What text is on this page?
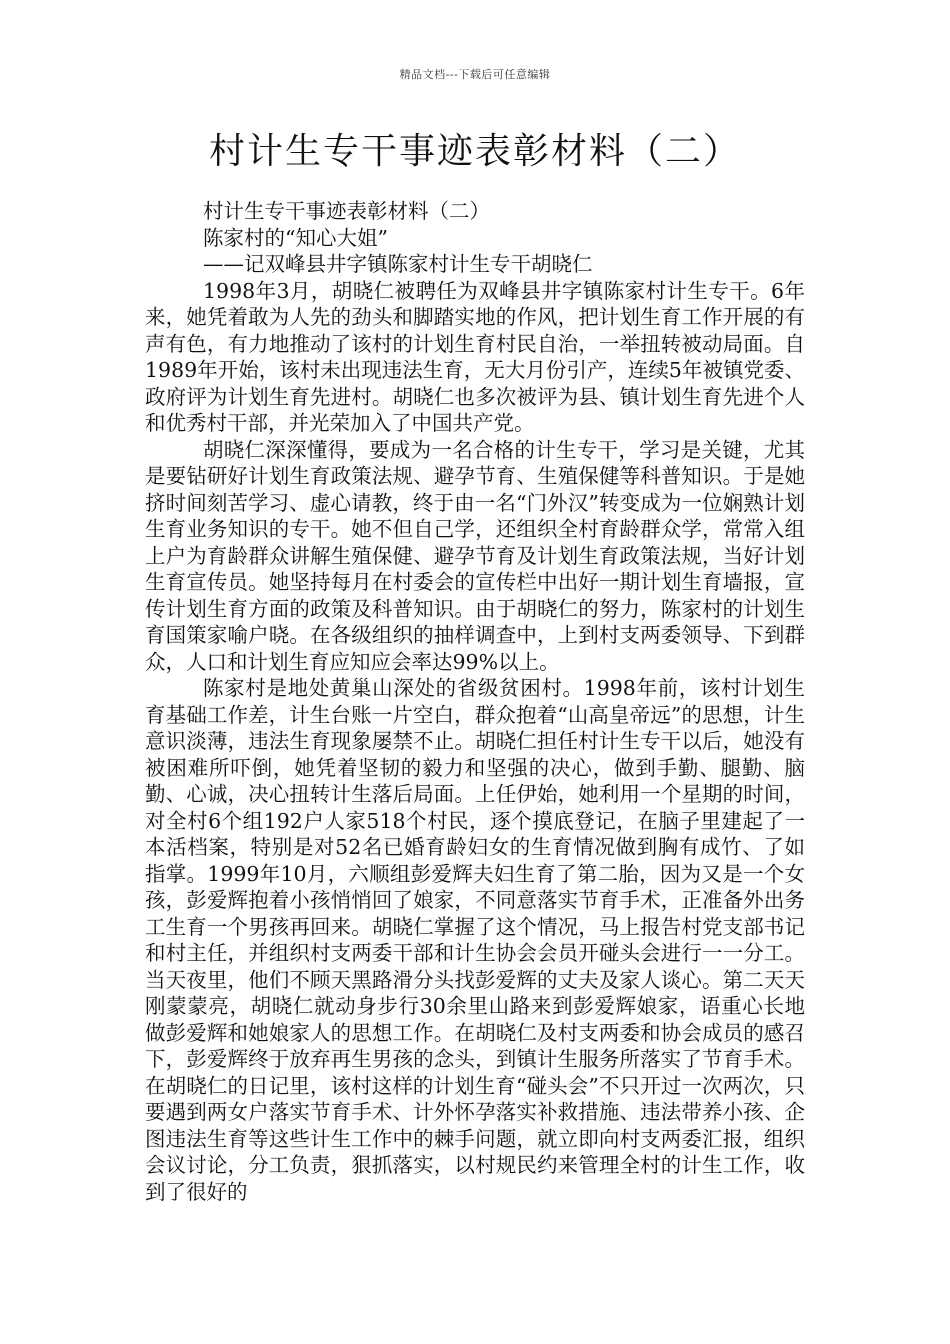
精品文档---下载后可任意编辑
村计生专干事迹表彰材料（二）

村计生专干事迹表彰材料（二）

陈家村的“知心大姐”

——记双峰县井字镇陈家村计生专干胡晓仁

1998年3月，胡晓仁被聘任为双峰县井字镇陈家村计生专干。6年来，她凭着敢为人先的劲头和脚踏实地的作风，把计划生育工作开展的有声有色，有力地推动了该村的计划生育村民自治，一举扭转被动局面。自1989年开始，该村未出现违法生育，无大月份引产，连续5年被镇党委、政府评为计划生育先进村。胡晓仁也多次被评为县、镇计划生育先进个人和优秀村干部，并光荣加入了中国共产党。

胡晓仁深深懂得，要成为一名合格的计生专干，学习是关键，尤其是要钻研好计划生育政策法规、避孕节育、生殖保健等科普知识。于是她挤时间刻苦学习、虚心请教，终于由一名“门外汉”转变成为一位娴熟计划生育业务知识的专干。她不但自己学，还组织全村育龄群众学，常常入组上户为育龄群众讲解生殖保健、避孕节育及计划生育政策法规，当好计划生育宣传员。她坚持每月在村委会的宣传栏中出好一期计划生育墙报，宣传计划生育方面的政策及科普知识。由于胡晓仁的努力，陈家村的计划生育国策家喻户晓。在各级组织的抽样调查中，上到村支两委领导、下到群众，人口和计划生育应知应会率达99%以上。

陈家村是地处黄巢山深处的省级贫困村。1998年前，该村计划生育基础工作差，计生台账一片空白，群众抱着“山高皇帝远”的思想，计生意识淡薄，违法生育现象屡禁不止。胡晓仁担任村计生专干以后，她没有被困难所吓倒，她凭着坚韧的毅力和坚强的决心，做到手勤、腿勤、脑勤、心诚，决心扭转计生落后局面。上任伊始，她利用一个星期的时间，对全村6个组192户人家518个村民，逐个摸底登记，在脑子里建起了一本活档案，特别是对52名已婚育龄妇女的生育情况做到胸有成竹、了如指掌。1999年10月，六顺组彭爱辉夫妇生育了第二胎，因为又是一个女孩，彭爱辉抱着小孩悄悄回了娘家，不同意落实节育手术，正准备外出务工生育一个男孩再回来。胡晓仁掌握了这个情况，马上报告村党支部书记和村主任，并组织村支两委干部和计生协会会员开碰头会进行一一分工。当天夜里，他们不顾天黑路滑分头找彭爱辉的丈夫及家人谈心。第二天天刚蒙蒙亮，胡晓仁就动身步行30余里山路来到彭爱辉娘家，语重心长地做彭爱辉和她娘家人的思想工作。在胡晓仁及村支两委和协会成员的感召下，彭爱辉终于放弃再生男孩的念头，到镇计生服务所落实了节育手术。在胡晓仁的日记里，该村这样的计划生育“碰头会”不只开过一次两次，只要遇到两女户落实节育手术、计外怀孕落实补救措施、违法带养小孩、企图违法生育等这些计生工作中的棘手问题，就立即向村支两委汇报，组织会议讨论，分工负责，狠抓落实，以村规民约来管理全村的计生工作，收到了很好的
